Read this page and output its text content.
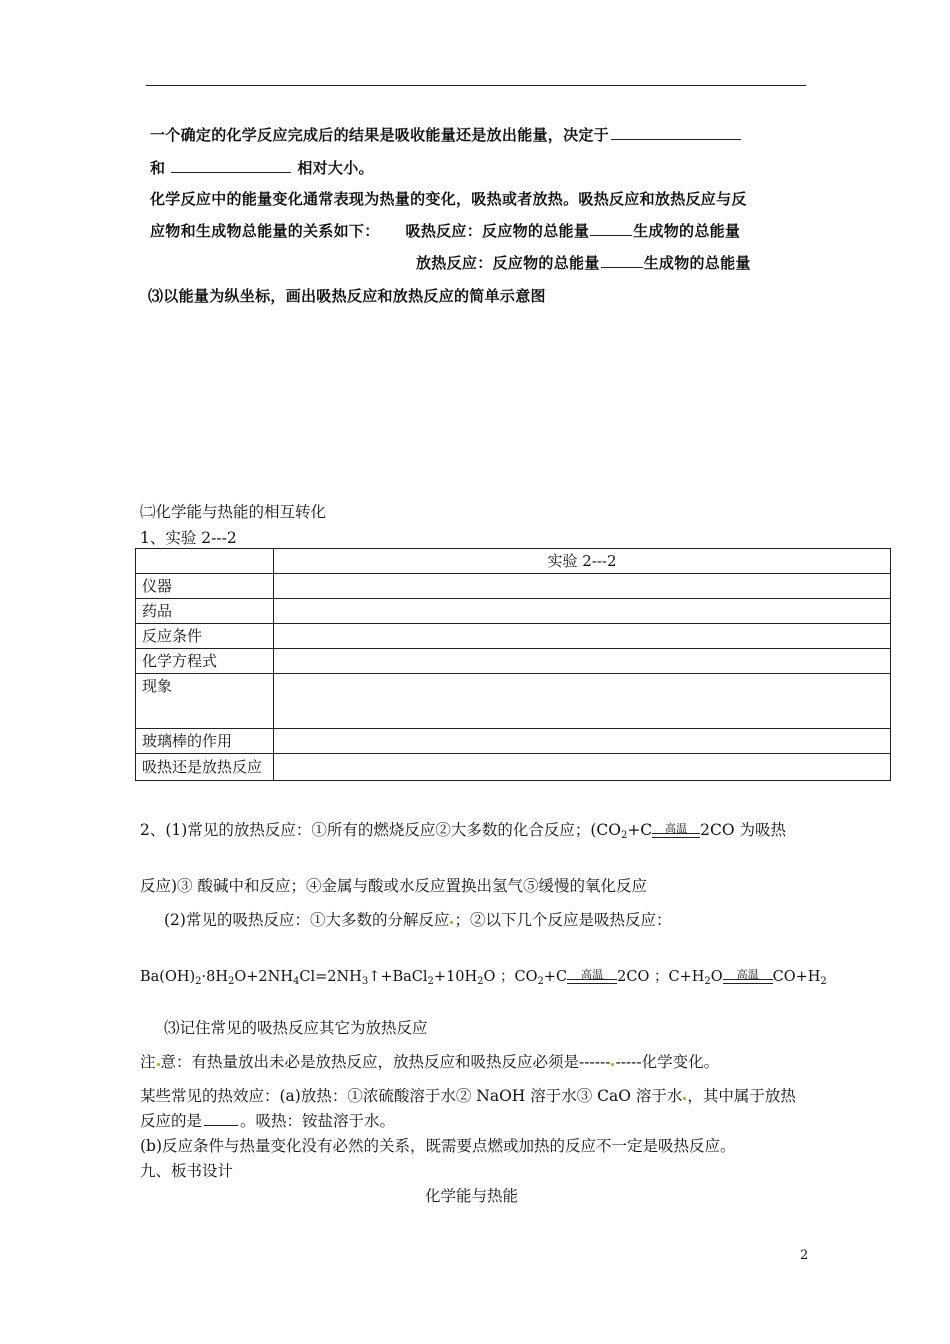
一个确定的化学反应完成后的结果是吸收能量还是放出能量，决定于
和	相对大小。
化学反应中的能量变化通常表现为热量的变化，吸热或者放热。吸热反应和放热反应与反
应物和生成物总能量的关系如下： 吸热反应：反应物的总能量	生成物的总能量
放热反应：反应物的总能量	生成物的总能量
⑶以能量为纵坐标，画出吸热反应和放热反应的简单示意图
㈡化学能与热能的相互转化
1、实验 2---2
	实验 2---2
仪器	
药品	
反应条件	
化学方程式	
现象	
玻璃棒的作用	
吸热还是放热反应	
2、(1)常见的放热反应：①所有的燃烧反应②大多数的化合反应；($CO_2+C$ 高温 2CO 为吸热
反应)③ 酸碱中和反应；④金属与酸或水反应置换出氢气⑤缓慢的氧化反应
(2)常见的吸热反应：①大多数的分解反应 ；②以下几个反应是吸热反应：
$Ba(OH)_2\cdot 8H_2O+2NH_4Cl=2NH_3↑+BaCl_2+10H_2O$ ；$CO_2+C$ 高温 2CO ；$C+H_2O$ 高温 $CO+H_2$
⑶记住常见的吸热反应其它为放热反应
注 意：有热量放出未必是放热反应，放热反应和吸热反应必须是------ -----化学变化。
某些常见的热效应：(a)放热：①浓硫酸溶于水② NaOH 溶于水③ CaO 溶于水 ，其中属于放热
反应的是 。吸热：铵盐溶于水。
(b)反应条件与热量变化没有必然的关系，既需要点燃或加热的反应不一定是吸热反应。
九、板书设计
化学能与热能
2
